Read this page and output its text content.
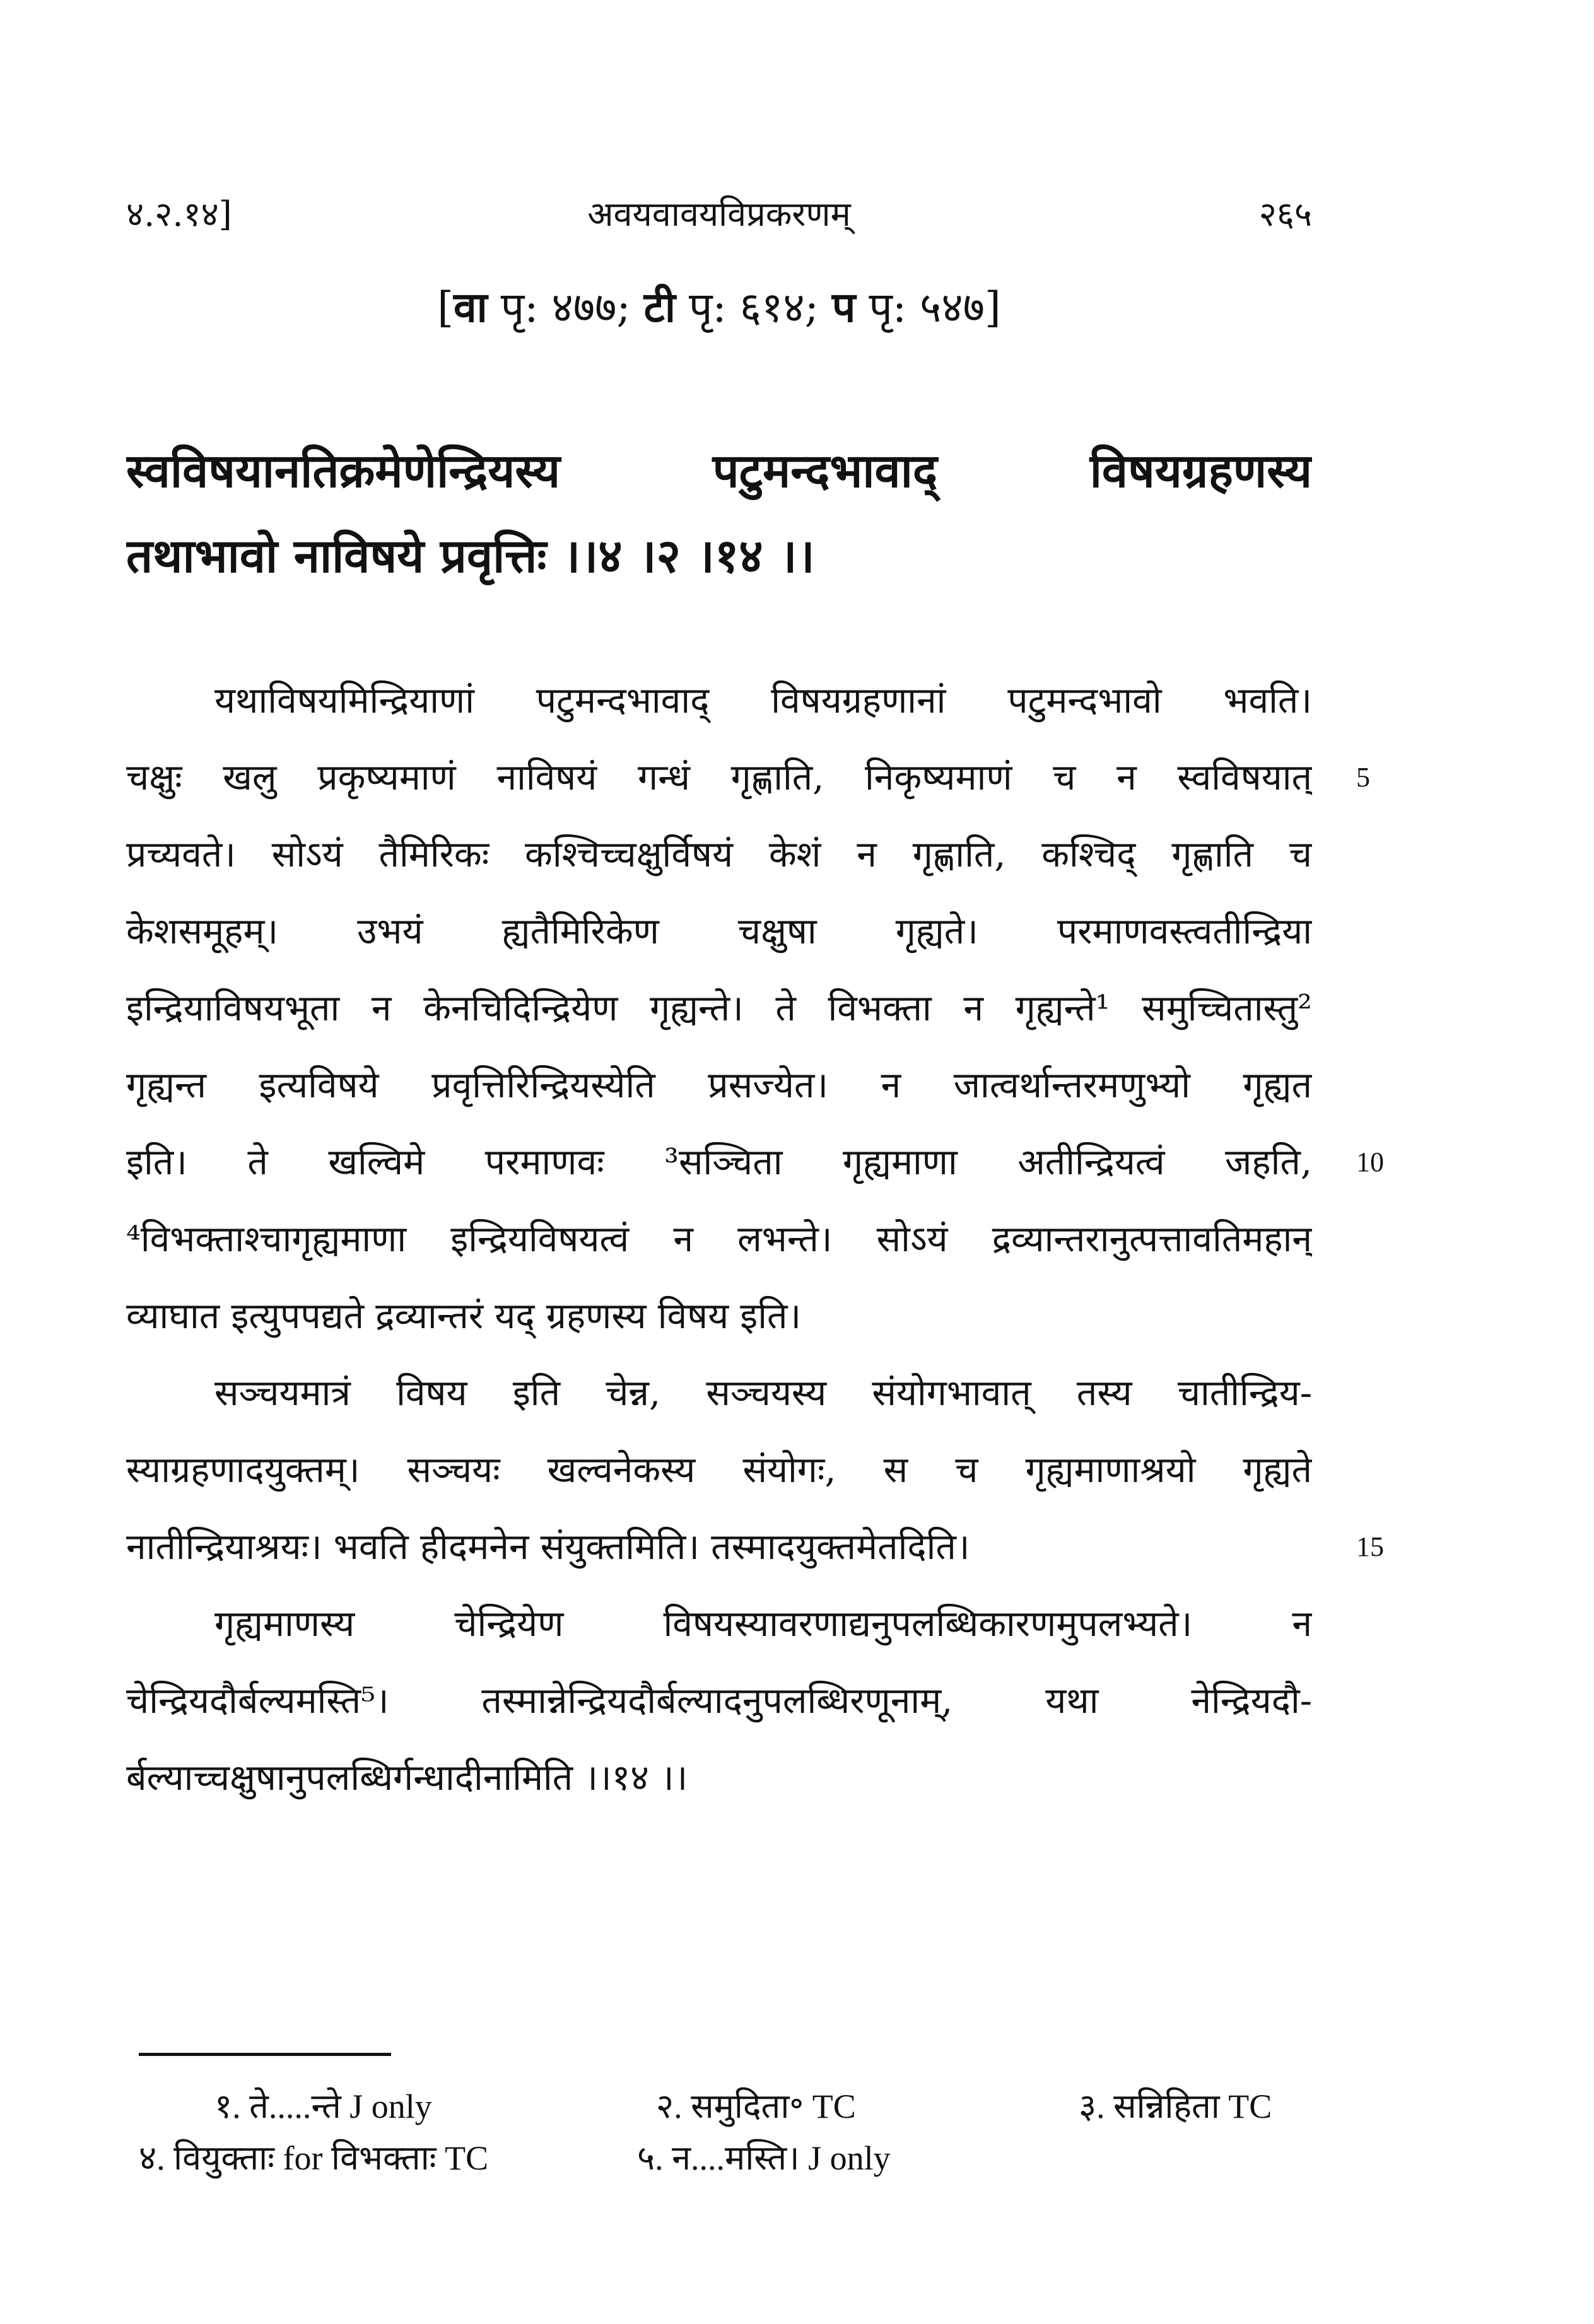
४.२.१४]	अवयवावयविप्रकरणम्	२६५
[वा पृ: ४७७; टी पृ: ६१४; प पृ: ५४७]
स्वविषयानतिक्रमेणेन्द्रियस्य पटुमन्दभावाद् विषयग्रहणस्य
तथाभावो नाविषये प्रवृत्तिः ।।४ ।२ ।१४ ।।
यथाविषयमिन्द्रियाणां पटुमन्दभावाद् विषयग्रहणानां पटुमन्दभावो भवति।
चक्षुः खलु प्रकृष्यमाणं नाविषयं गन्धं गृह्णाति, निकृष्यमाणं च न स्वविषयात्
प्रच्यवते। सोऽयं तैमिरिकः कश्चिच्चक्षुर्विषयं केशं न गृह्णाति, कश्चिद् गृह्णाति च
केशसमूहम्। उभयं ह्यतैमिरिकेण चक्षुषा गृह्यते। परमाणवस्त्वतीन्द्रिया
इन्द्रियाविषयभूता न केनचिदिन्द्रियेण गृह्यन्ते। ते विभक्ता न गृह्यन्ते¹ समुच्चितास्तु²
गृह्यन्त इत्यविषये प्रवृत्तिरिन्द्रियस्येति प्रसज्येत। न जात्वर्थान्तरमणुभ्यो गृह्यत
इति। ते खल्विमे परमाणवः ³सञ्चिता गृह्यमाणा अतीन्द्रियत्वं जहति,
⁴विभक्ताश्चागृह्यमाणा इन्द्रियविषयत्वं न लभन्ते। सोऽयं द्रव्यान्तरानुत्पत्तावतिमहान्
व्याघात इत्युपपद्यते द्रव्यान्तरं यद् ग्रहणस्य विषय इति।
सञ्चयमात्रं विषय इति चेन्न, सञ्चयस्य संयोगभावात् तस्य चातीन्द्रिय-
स्याग्रहणादयुक्तम्। सञ्चयः खल्वनेकस्य संयोगः, स च गृह्यमाणाश्रयो गृह्यते
नातीन्द्रियाश्रयः। भवति हीदमनेन संयुक्तमिति। तस्मादयुक्तमेतदिति।
गृह्यमाणस्य चेन्द्रियेण विषयस्यावरणाद्यनुपलब्धिकारणमुपलभ्यते। न
चेन्द्रियदौर्बल्यमस्ति⁵। तस्मान्नेन्द्रियदौर्बल्यादनुपलब्धिरणूनाम्, यथा नेन्द्रियदौ-
र्बल्याच्चक्षुषानुपलब्धिर्गन्धादीनामिति ।।१४ ।।
5
10
15
१. ते.....न्ते J only	२. समुदिता॰ TC	३. सन्निहिता TC
४. वियुक्ताः for विभक्ताः TC	५. न....मस्ति। J only
